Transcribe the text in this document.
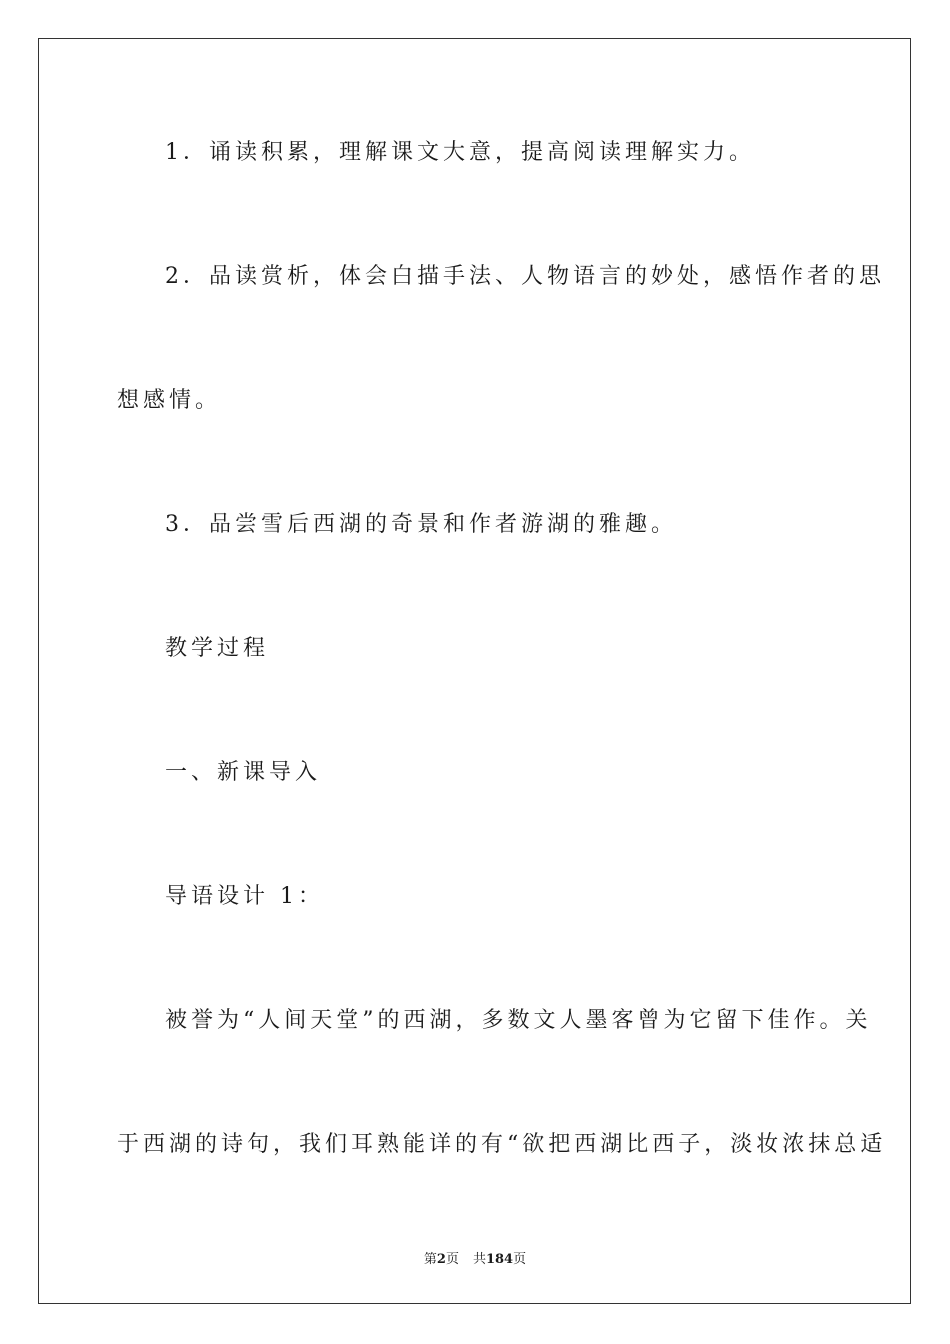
1．诵读积累，理解课文大意，提高阅读理解实力。
2．品读赏析，体会白描手法、人物语言的妙处，感悟作者的思
想感情。
3．品尝雪后西湖的奇景和作者游湖的雅趣。
教学过程
一、新课导入
导语设计 1：
被誉为“人间天堂”的西湖，多数文人墨客曾为它留下佳作。关
于西湖的诗句，我们耳熟能详的有“欲把西湖比西子，淡妆浓抹总适
第2页 共184页
